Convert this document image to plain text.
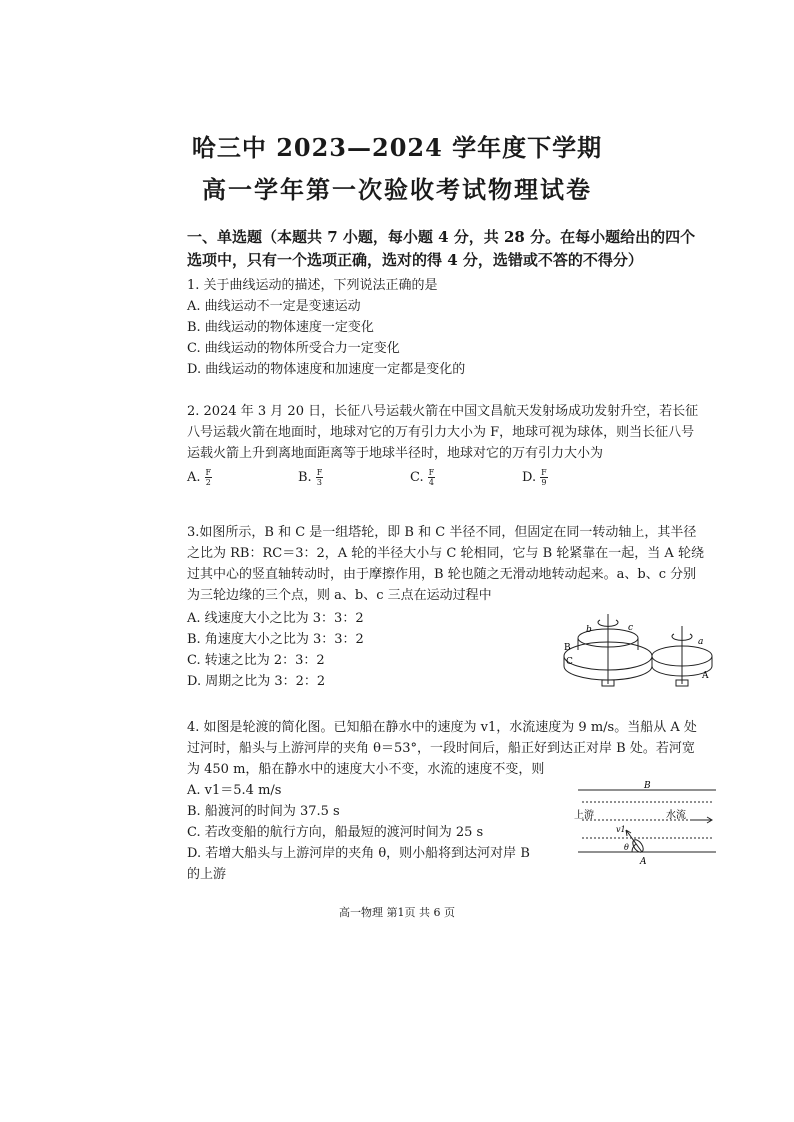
哈三中 2023—2024 学年度下学期
高一学年第一次验收考试物理试卷
一、单选题（本题共 7 小题，每小题 4 分，共 28 分。在每小题给出的四个
选项中，只有一个选项正确，选对的得 4 分，选错或不答的不得分）
1. 关于曲线运动的描述，下列说法正确的是
A. 曲线运动不一定是变速运动
B. 曲线运动的物体速度一定变化
C. 曲线运动的物体所受合力一定变化
D. 曲线运动的物体速度和加速度一定都是变化的
2. 2024 年 3 月 20 日，长征八号运载火箭在中国文昌航天发射场成功发射升空，若长征
八号运载火箭在地面时，地球对它的万有引力大小为 F，地球可视为球体，则当长征八号
运载火箭上升到离地面距离等于地球半径时，地球对它的万有引力大小为
A. $\frac{F}{2}$	B. $\frac{F}{3}$	C. $\frac{F}{4}$	D. $\frac{F}{9}$
3.如图所示，B 和 C 是一组塔轮，即 B 和 C 半径不同，但固定在同一转动轴上，其半径
之比为 RB：RC＝3：2，A 轮的半径大小与 C 轮相同，它与 B 轮紧靠在一起，当 A 轮绕
过其中心的竖直轴转动时，由于摩擦作用，B 轮也随之无滑动地转动起来。a、b、c 分别
为三轮边缘的三个点，则 a、b、c 三点在运动过程中
A. 线速度大小之比为 3：3：2
B. 角速度大小之比为 3：3：2
C. 转速之比为 2：3：2
D. 周期之比为 3：2：2
b	c
B
C
a
A
4. 如图是轮渡的简化图。已知船在静水中的速度为 v1，水流速度为 9 m/s。当船从 A 处
过河时，船头与上游河岸的夹角 θ＝53°，一段时间后，船正好到达正对岸 B 处。若河宽
为 450 m，船在静水中的速度大小不变，水流的速度不变，则
A. v1＝5.4 m/s
B. 船渡河的时间为 37.5 s
C. 若改变船的航行方向，船最短的渡河时间为 25 s
D. 若增大船头与上游河岸的夹角 θ，则小船将到达河对岸 B
的上游
B
上游	水流
v1
θ
A
高一物理 第1页 共 6 页
